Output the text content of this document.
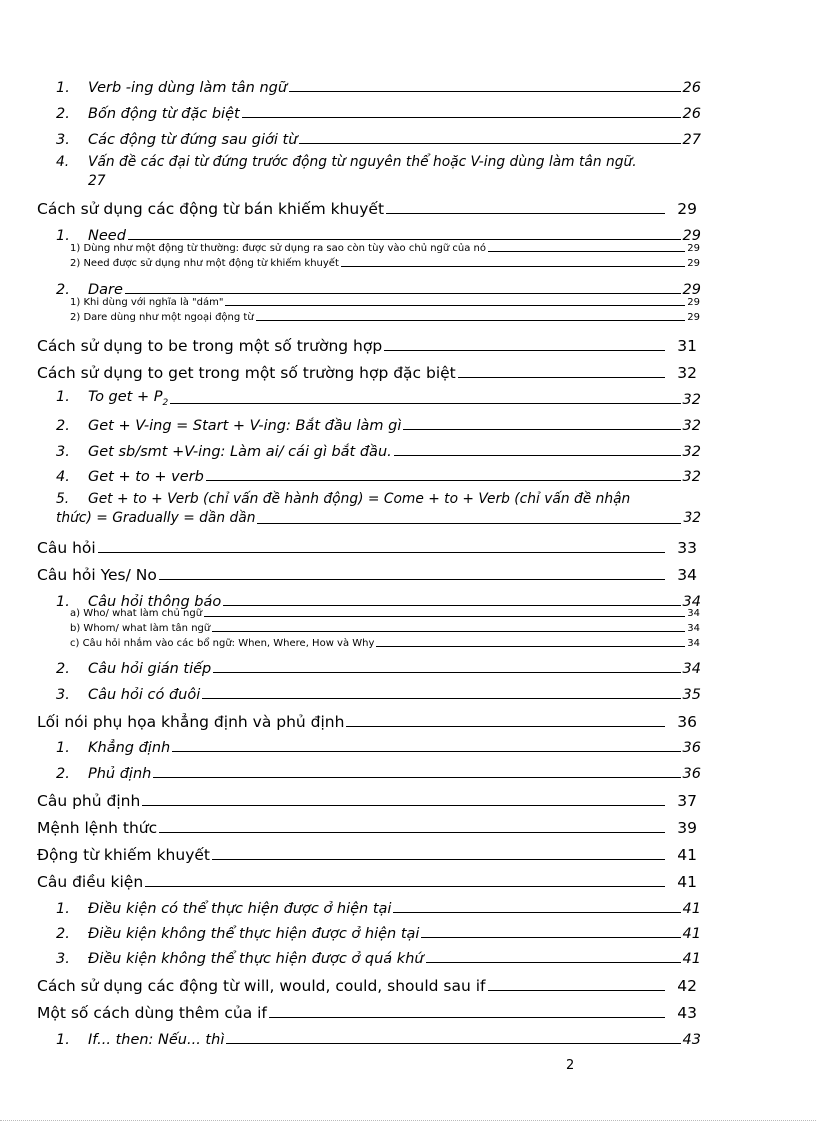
1. Verb -ing dùng làm tân ngữ	26
2. Bốn động từ đặc biệt	26
3. Các động từ đứng sau giới từ	27
4. Vấn đề các đại từ đứng trước động từ nguyên thể hoặc V-ing dùng làm tân ngữ.
27
Cách sử dụng các động từ bán khiếm khuyết	29
1. Need	29
1) Dùng như một động từ thường: được sử dụng ra sao còn tùy vào chủ ngữ của nó	29
2) Need được sử dụng như một động từ khiếm khuyết	29
2. Dare	29
1) Khi dùng với nghĩa là "dám"	29
2) Dare dùng như một ngoại động từ	29
Cách sử dụng to be trong một số trường hợp	31
Cách sử dụng to get trong một số trường hợp đặc biệt	32
1. To get + $P_2$	32
2. Get + V-ing = Start + V-ing: Bắt đầu làm gì	32
3. Get sb/smt +V-ing: Làm ai/ cái gì bắt đầu.	32
4. Get + to + verb	32
5. Get + to + Verb (chỉ vấn đề hành động) = Come + to + Verb (chỉ vấn đề nhận
thức) = Gradually = dần dần	32
Câu hỏi	33
Câu hỏi Yes/ No	34
1. Câu hỏi thông báo	34
a) Who/ what làm chủ ngữ	34
b) Whom/ what làm tân ngữ	34
c) Câu hỏi nhắm vào các bổ ngữ: When, Where, How và Why	34
2. Câu hỏi gián tiếp	34
3. Câu hỏi có đuôi	35
Lối nói phụ họa khẳng định và phủ định	36
1. Khẳng định	36
2. Phủ định	36
Câu phủ định	37
Mệnh lệnh thức	39
Động từ khiếm khuyết	41
Câu điều kiện	41
1. Điều kiện có thể thực hiện được ở hiện tại	41
2. Điều kiện không thể thực hiện được ở hiện tại	41
3. Điều kiện không thể thực hiện được ở quá khứ	41
Cách sử dụng các động từ will, would, could, should sau if	42
Một số cách dùng thêm của if	43
1. If... then: Nếu... thì	43
2
